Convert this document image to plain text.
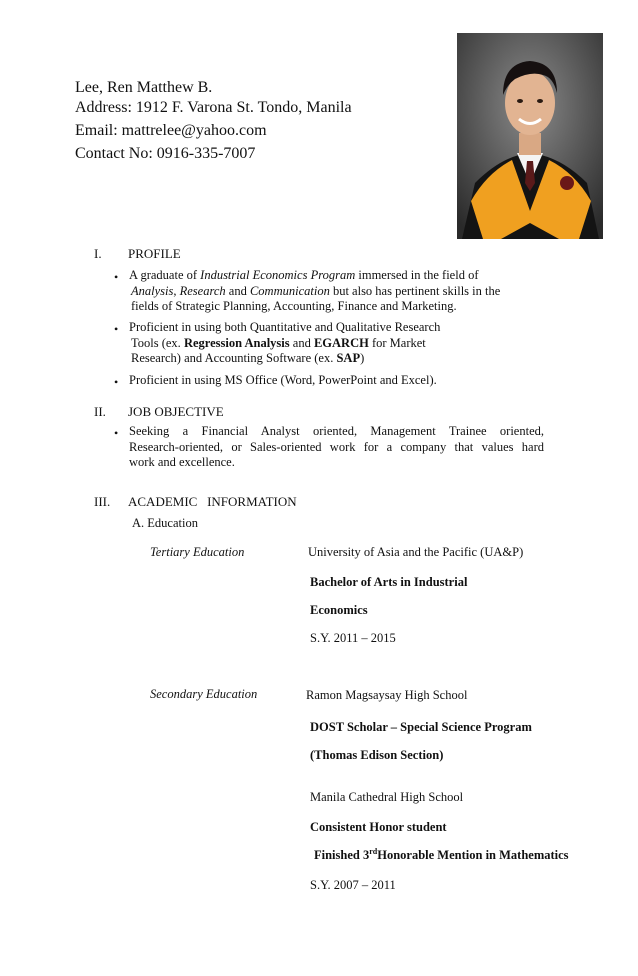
Lee, Ren Matthew B.
Address: 1912 F. Varona St. Tondo, Manila
Email: mattrelee@yahoo.com
Contact No: 0916-335-7007
I. PROFILE
• A graduate of Industrial Economics Program immersed in the field of
Analysis, Research and Communication but also has pertinent skills in the
fields of Strategic Planning, Accounting, Finance and Marketing.
• Proficient in using both Quantitative and Qualitative Research
Tools (ex. Regression Analysis and EGARCH for Market
Research) and Accounting Software (ex. SAP)
• Proficient in using MS Office (Word, PowerPoint and Excel).
II. JOB OBJECTIVE
• Seeking a Financial Analyst oriented, Management Trainee oriented,
Research-oriented, or Sales-oriented work for a company that values hard
work and excellence.
III. ACADEMIC   INFORMATION
A. Education
Tertiary Education	University of Asia and the Pacific (UA&P)
Bachelor of Arts in Industrial
Economics
S.Y. 2011 – 2015
Secondary Education	Ramon Magsaysay High School
DOST Scholar – Special Science Program
(Thomas Edison Section)
Manila Cathedral High School
Consistent Honor student
Finished 3rdHonorable Mention in Mathematics
S.Y. 2007 – 2011
